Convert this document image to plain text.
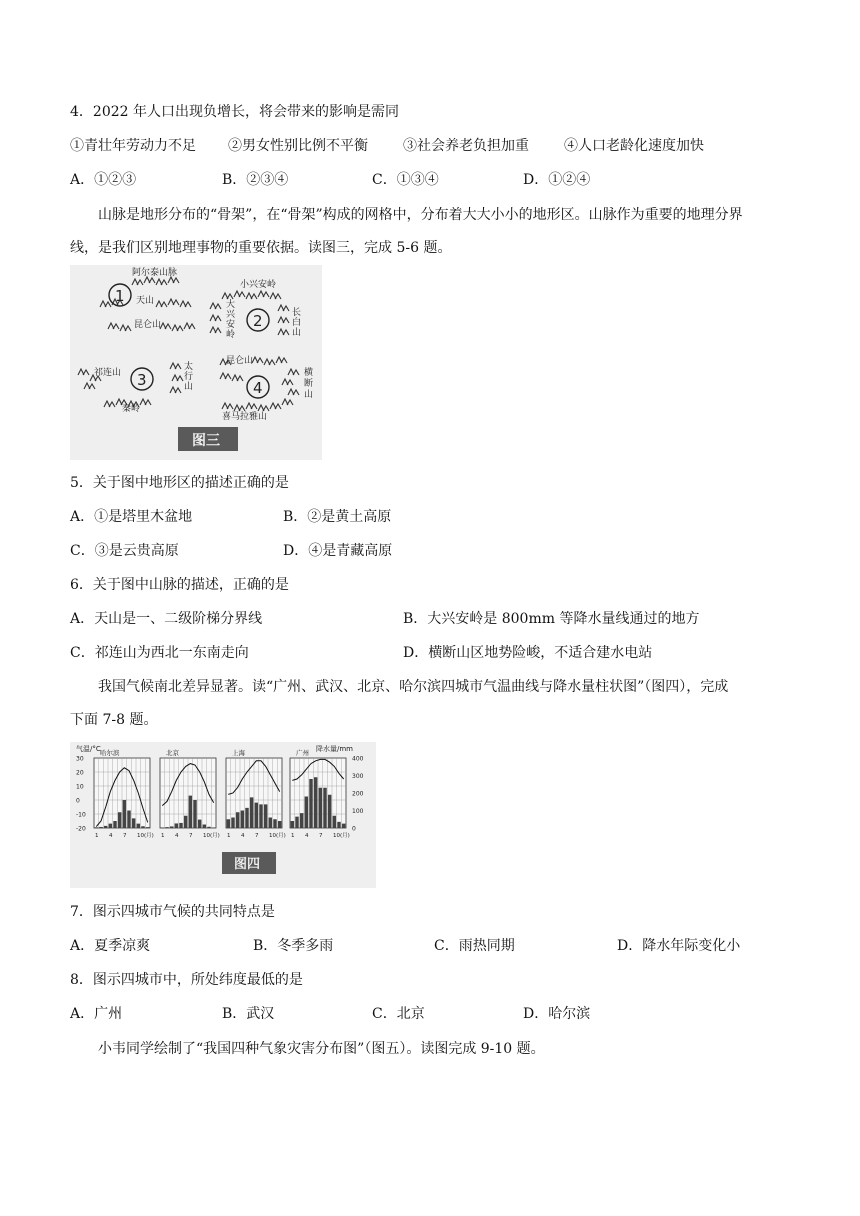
4．2022 年人口出现负增长，将会带来的影响是需同
①青壮年劳动力不足 ②男女性别比例不平衡	③社会养老负担加重	④人口老龄化速度加快
A．①②③	B．②③④	C．①③④	D．①②④
山脉是地形分布的“骨架”，在“骨架”构成的网格中，分布着大大小小的地形区。山脉作为重要的地理分界
线，是我们区别地理事物的重要依据。读图三，完成 5-6 题。
阿尔泰山脉
天山
1
昆仑山
小兴安岭
大
兴
安
岭
2	长
白
山
祁连山 3
太
行
山
秦岭
昆仑山
4
横
断
山
喜马拉雅山
图三
5．关于图中地形区的描述正确的是
A．①是塔里木盆地	B．②是黄土高原
C．③是云贵高原	D．④是青藏高原
6．关于图中山脉的描述，正确的是
A．天山是一、二级阶梯分界线	B．大兴安岭是 800mm 等降水量线通过的地方
C．祁连山为西北一东南走向	D．横断山区地势险峻，不适合建水电站
我国气候南北差异显著。读“广州、武汉、北京、哈尔滨四城市气温曲线与降水量柱状图”（图四），完成
下面 7-8 题。
气温/°C	降水量/mm
30
20
10
0
-10
-20
400
300
200
100
0
哈尔滨	北京	上海	广州
1 4 7 10(月) 1 4 7 10(月) 1 4 7 10(月) 1 4 7 10(月)
图四
7．图示四城市气候的共同特点是
A．夏季凉爽	B．冬季多雨	C．雨热同期	D．降水年际变化小
8．图示四城市中，所处纬度最低的是
A．广州	B．武汉	C．北京	D．哈尔滨
小韦同学绘制了“我国四种气象灾害分布图”（图五）。读图完成 9-10 题。
